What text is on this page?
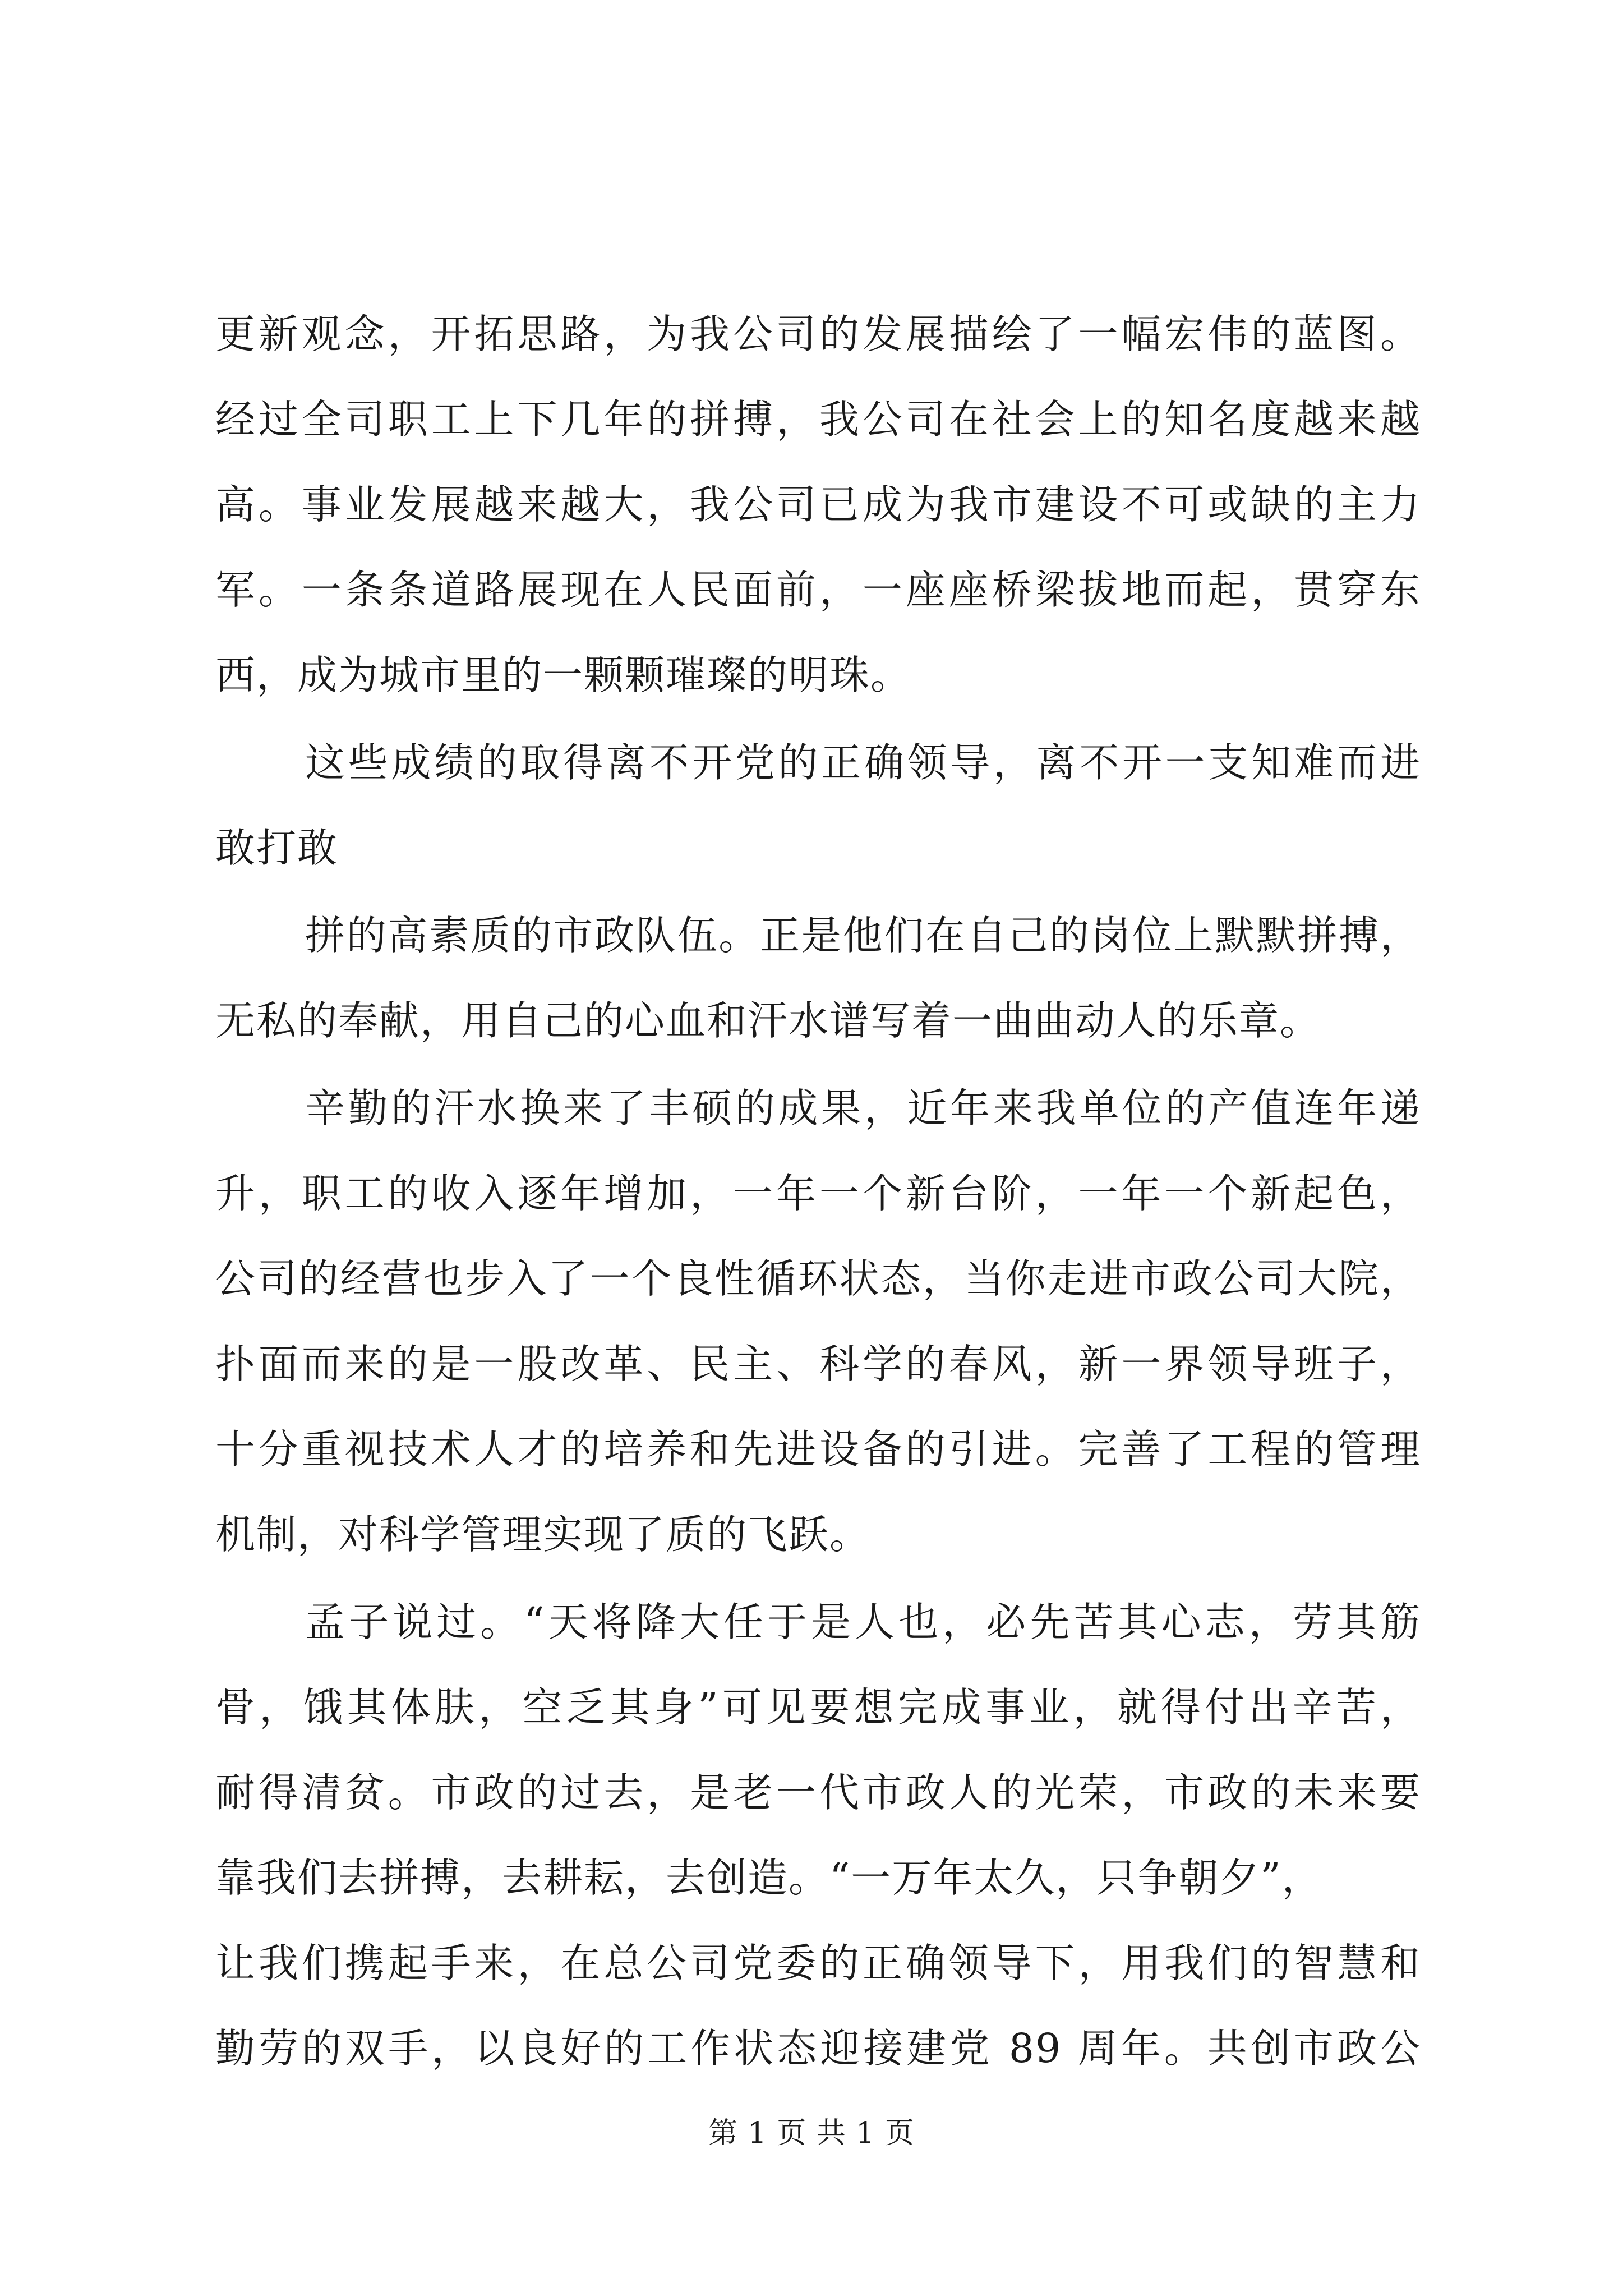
更新观念，开拓思路，为我公司的发展描绘了一幅宏伟的蓝图。
经过全司职工上下几年的拼搏，我公司在社会上的知名度越来越
高。事业发展越来越大，我公司已成为我市建设不可或缺的主力
军。一条条道路展现在人民面前，一座座桥梁拔地而起，贯穿东
西，成为城市里的一颗颗璀璨的明珠。
这些成绩的取得离不开党的正确领导，离不开一支知难而进
敢打敢
拼的高素质的市政队伍。正是他们在自己的岗位上默默拼搏，
无私的奉献，用自己的心血和汗水谱写着一曲曲动人的乐章。
辛勤的汗水换来了丰硕的成果，近年来我单位的产值连年递
升，职工的收入逐年增加，一年一个新台阶，一年一个新起色，
公司的经营也步入了一个良性循环状态，当你走进市政公司大院，
扑面而来的是一股改革、民主、科学的春风，新一界领导班子，
十分重视技术人才的培养和先进设备的引进。完善了工程的管理
机制，对科学管理实现了质的飞跃。
孟子说过。“天将降大任于是人也，必先苦其心志，劳其筋
骨，饿其体肤，空乏其身”可见要想完成事业，就得付出辛苦，
耐得清贫。市政的过去，是老一代市政人的光荣，市政的未来要
靠我们去拼搏，去耕耘，去创造。“一万年太久，只争朝夕”，
让我们携起手来，在总公司党委的正确领导下，用我们的智慧和
勤劳的双手，以良好的工作状态迎接建党 89 周年。共创市政公
第 1 页 共 1 页
